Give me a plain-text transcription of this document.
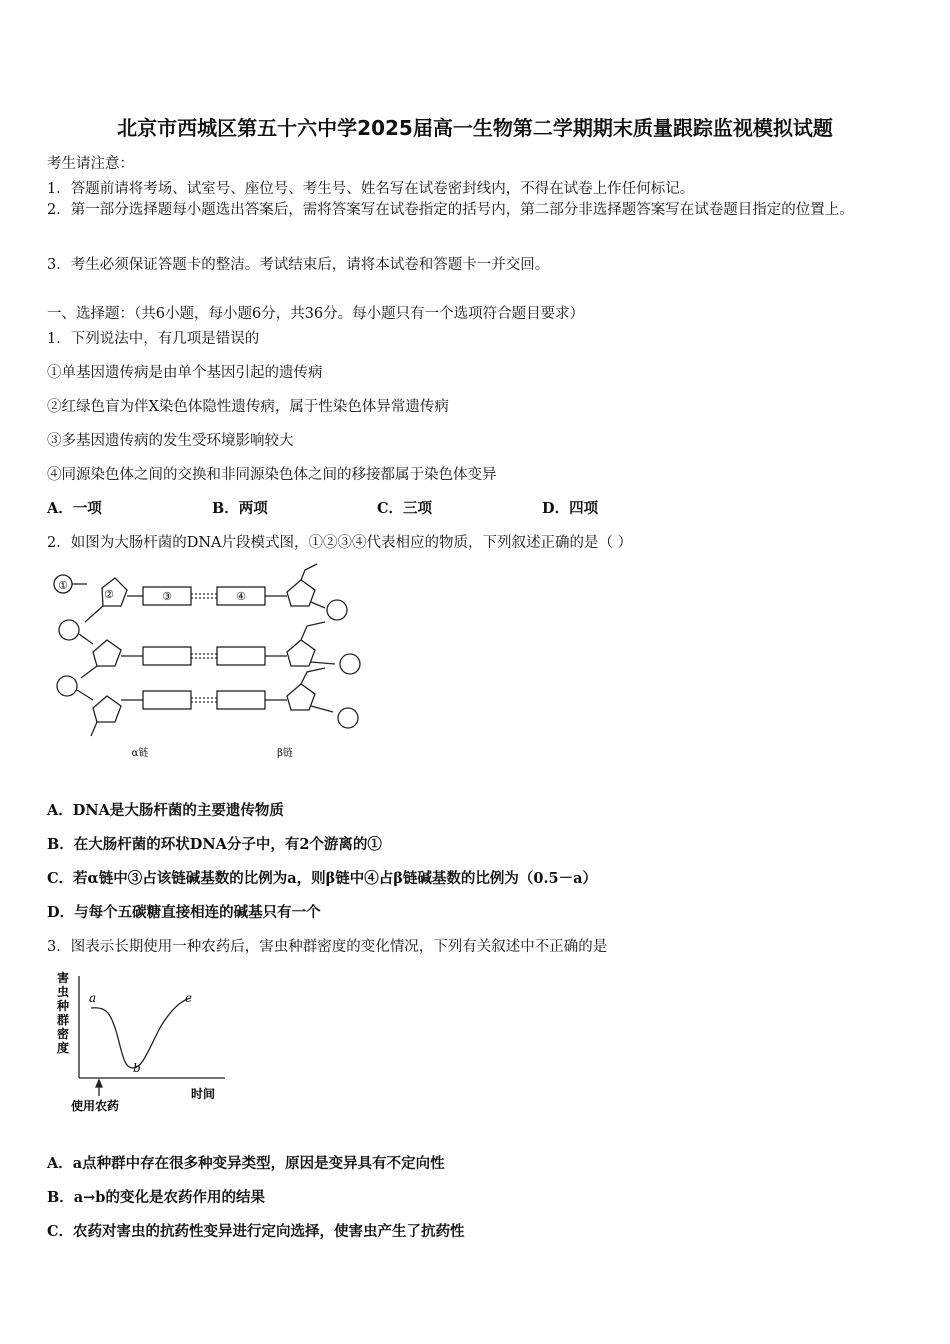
北京市西城区第五十六中学2025届高一生物第二学期期末质量跟踪监视模拟试题
考生请注意：
1．答题前请将考场、试室号、座位号、考生号、姓名写在试卷密封线内，不得在试卷上作任何标记。
2．第一部分选择题每小题选出答案后，需将答案写在试卷指定的括号内，第二部分非选择题答案写在试卷题目指定的位置上。
3．考生必须保证答题卡的整洁。考试结束后，请将本试卷和答题卡一并交回。
一、选择题：（共6小题，每小题6分，共36分。每小题只有一个选项符合题目要求）
1．下列说法中，有几项是错误的
①单基因遗传病是由单个基因引起的遗传病
②红绿色盲为伴X染色体隐性遗传病，属于性染色体异常遗传病
③多基因遗传病的发生受环境影响较大
④同源染色体之间的交换和非同源染色体之间的移接都属于染色体变异
A．一项	B．两项	C．三项	D．四项
2．如图为大肠杆菌的DNA片段模式图，①②③④代表相应的物质，下列叙述正确的是（ ）
①
②	③	④
α链	β链
A．DNA是大肠杆菌的主要遗传物质
B．在大肠杆菌的环状DNA分子中，有2个游离的①
C．若α链中③占该链碱基数的比例为a，则β链中④占β链碱基数的比例为（0.5－a）
D．与每个五碳糖直接相连的碱基只有一个
3．图表示长期使用一种农药后，害虫种群密度的变化情况，下列有关叙述中不正确的是
害虫种群密度
a
b
c
使用农药
时间
A．a点种群中存在很多种变异类型，原因是变异具有不定向性
B．a→b的变化是农药作用的结果
C．农药对害虫的抗药性变异进行定向选择，使害虫产生了抗药性
